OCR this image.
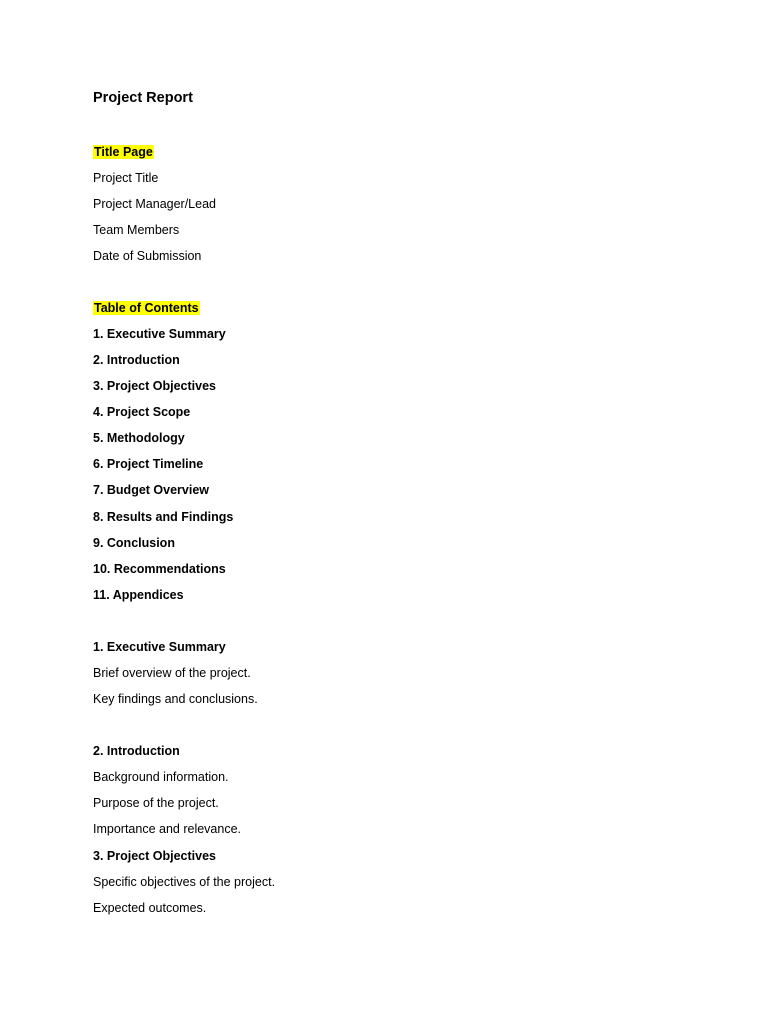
Project Report
Title Page
Project Title
Project Manager/Lead
Team Members
Date of Submission
Table of Contents
1. Executive Summary
2. Introduction
3. Project Objectives
4. Project Scope
5. Methodology
6. Project Timeline
7. Budget Overview
8. Results and Findings
9. Conclusion
10. Recommendations
11. Appendices
1. Executive Summary
Brief overview of the project.
Key findings and conclusions.
2. Introduction
Background information.
Purpose of the project.
Importance and relevance.
3. Project Objectives
Specific objectives of the project.
Expected outcomes.
